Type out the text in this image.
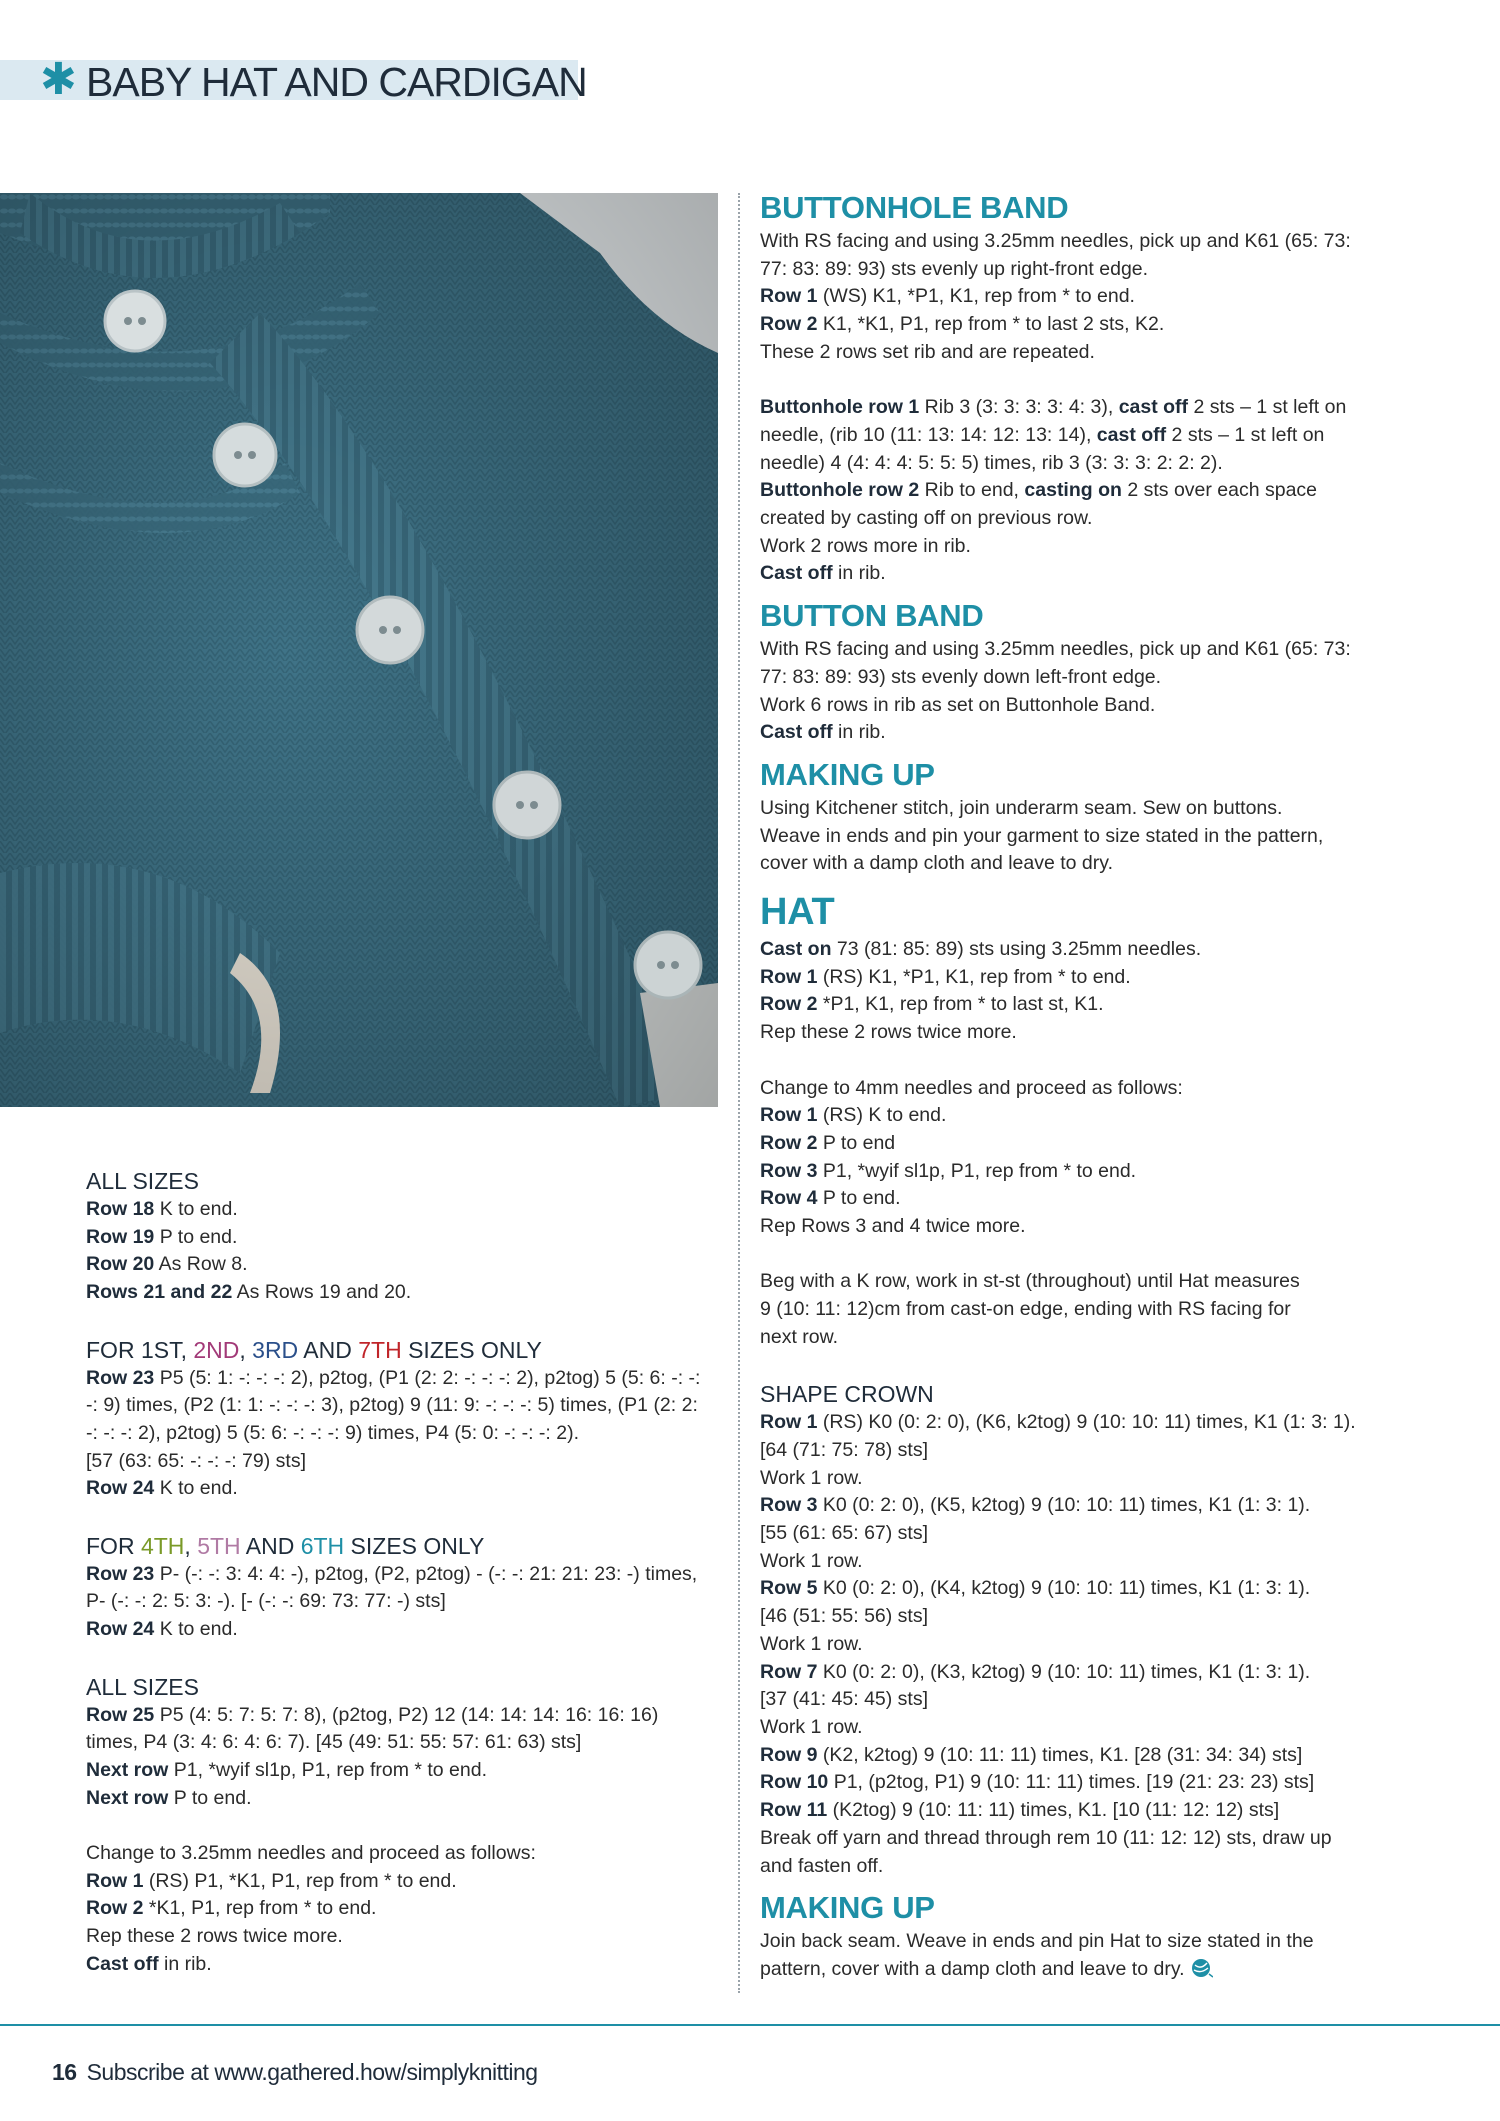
✱ BABY HAT AND CARDIGAN
ALL SIZES
Row 18 K to end.
Row 19 P to end.
Row 20 As Row 8.
Rows 21 and 22 As Rows 19 and 20.
FOR 1ST, 2ND, 3RD AND 7TH SIZES ONLY
Row 23 P5 (5: 1: -: -: -: 2), p2tog, (P1 (2: 2: -: -: -: 2), p2tog) 5 (5: 6: -: -:
-: 9) times, (P2 (1: 1: -: -: -: 3), p2tog) 9 (11: 9: -: -: -: 5) times, (P1 (2: 2:
-: -: -: 2), p2tog) 5 (5: 6: -: -: -: 9) times, P4 (5: 0: -: -: -: 2).
[57 (63: 65: -: -: -: 79) sts]
Row 24 K to end.
FOR 4TH, 5TH AND 6TH SIZES ONLY
Row 23 P- (-: -: 3: 4: 4: -), p2tog, (P2, p2tog) - (-: -: 21: 21: 23: -) times,
P- (-: -: 2: 5: 3: -). [- (-: -: 69: 73: 77: -) sts]
Row 24 K to end.
ALL SIZES
Row 25 P5 (4: 5: 7: 5: 7: 8), (p2tog, P2) 12 (14: 14: 14: 16: 16: 16)
times, P4 (3: 4: 6: 4: 6: 7). [45 (49: 51: 55: 57: 61: 63) sts]
Next row P1, *wyif sl1p, P1, rep from * to end.
Next row P to end.
Change to 3.25mm needles and proceed as follows:
Row 1 (RS) P1, *K1, P1, rep from * to end.
Row 2 *K1, P1, rep from * to end.
Rep these 2 rows twice more.
Cast off in rib.
BUTTONHOLE BAND
With RS facing and using 3.25mm needles, pick up and K61 (65: 73:
77: 83: 89: 93) sts evenly up right-front edge.
Row 1 (WS) K1, *P1, K1, rep from * to end.
Row 2 K1, *K1, P1, rep from * to last 2 sts, K2.
These 2 rows set rib and are repeated.
Buttonhole row 1 Rib 3 (3: 3: 3: 3: 4: 3), cast off 2 sts – 1 st left on
needle, (rib 10 (11: 13: 14: 12: 13: 14), cast off 2 sts – 1 st left on
needle) 4 (4: 4: 4: 5: 5: 5) times, rib 3 (3: 3: 3: 2: 2: 2).
Buttonhole row 2 Rib to end, casting on 2 sts over each space
created by casting off on previous row.
Work 2 rows more in rib.
Cast off in rib.
BUTTON BAND
With RS facing and using 3.25mm needles, pick up and K61 (65: 73:
77: 83: 89: 93) sts evenly down left-front edge.
Work 6 rows in rib as set on Buttonhole Band.
Cast off in rib.
MAKING UP
Using Kitchener stitch, join underarm seam. Sew on buttons.
Weave in ends and pin your garment to size stated in the pattern,
cover with a damp cloth and leave to dry.
HAT
Cast on 73 (81: 85: 89) sts using 3.25mm needles.
Row 1 (RS) K1, *P1, K1, rep from * to end.
Row 2 *P1, K1, rep from * to last st, K1.
Rep these 2 rows twice more.
Change to 4mm needles and proceed as follows:
Row 1 (RS) K to end.
Row 2 P to end
Row 3 P1, *wyif sl1p, P1, rep from * to end.
Row 4 P to end.
Rep Rows 3 and 4 twice more.
Beg with a K row, work in st-st (throughout) until Hat measures
9 (10: 11: 12)cm from cast-on edge, ending with RS facing for
next row.
SHAPE CROWN
Row 1 (RS) K0 (0: 2: 0), (K6, k2tog) 9 (10: 10: 11) times, K1 (1: 3: 1).
[64 (71: 75: 78) sts]
Work 1 row.
Row 3 K0 (0: 2: 0), (K5, k2tog) 9 (10: 10: 11) times, K1 (1: 3: 1).
[55 (61: 65: 67) sts]
Work 1 row.
Row 5 K0 (0: 2: 0), (K4, k2tog) 9 (10: 10: 11) times, K1 (1: 3: 1).
[46 (51: 55: 56) sts]
Work 1 row.
Row 7 K0 (0: 2: 0), (K3, k2tog) 9 (10: 10: 11) times, K1 (1: 3: 1).
[37 (41: 45: 45) sts]
Work 1 row.
Row 9 (K2, k2tog) 9 (10: 11: 11) times, K1. [28 (31: 34: 34) sts]
Row 10 P1, (p2tog, P1) 9 (10: 11: 11) times. [19 (21: 23: 23) sts]
Row 11 (K2tog) 9 (10: 11: 11) times, K1. [10 (11: 12: 12) sts]
Break off yarn and thread through rem 10 (11: 12: 12) sts, draw up
and fasten off.
MAKING UP
Join back seam. Weave in ends and pin Hat to size stated in the
pattern, cover with a damp cloth and leave to dry.
16 Subscribe at www.gathered.how/simplyknitting
